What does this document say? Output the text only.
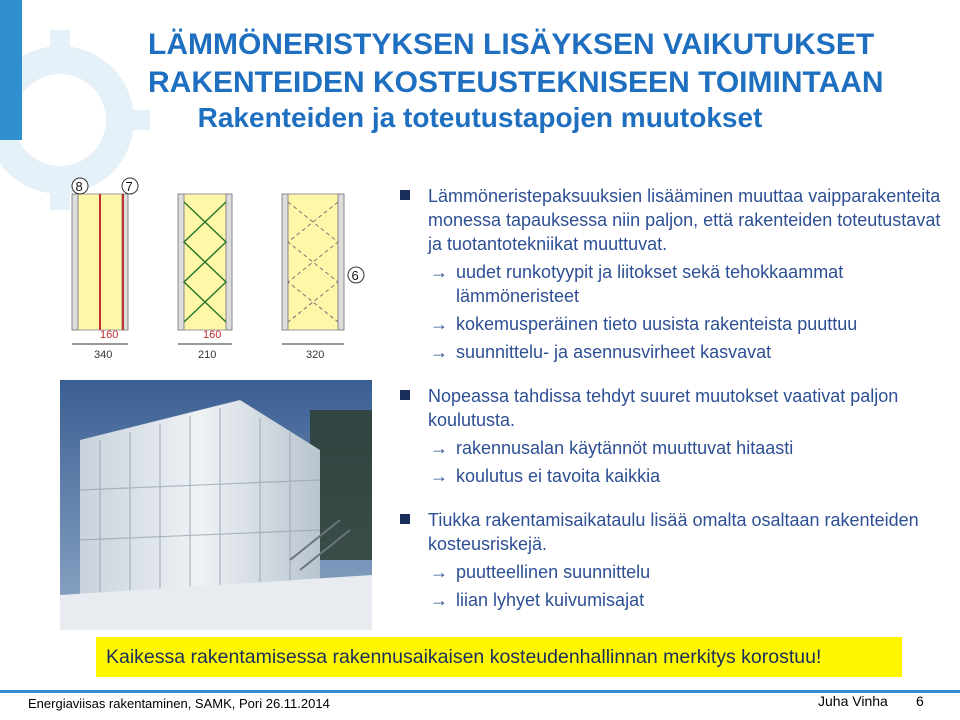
LÄMMÖNERISTYKSEN LISÄYKSEN VAIKUTUKSET
RAKENTEIDEN KOSTEUSTEKNISEEN TOIMINTAAN
Rakenteiden ja toteutustapojen muutokset
8	7
6
160	160
340	210	320
Lämmöneristepaksuuksien lisääminen muuttaa vaipparakenteita monessa tapauksessa niin paljon, että rakenteiden toteutustavat ja tuotantotekniikat muuttuvat.
→ uudet runkotyypit ja liitokset sekä tehokkaammat lämmöneristeet
→ kokemusperäinen tieto uusista rakenteista puuttuu
→ suunnittelu- ja asennusvirheet kasvavat
Nopeassa tahdissa tehdyt suuret muutokset vaativat paljon koulutusta.
→ rakennusalan käytännöt muuttuvat hitaasti
→ koulutus ei tavoita kaikkia
Tiukka rakentamisaikataulu lisää omalta osaltaan rakenteiden kosteusriskejä.
→ puutteellinen suunnittelu
→ liian lyhyet kuivumisajat
Kaikessa rakentamisessa rakennusaikaisen kosteudenhallinnan merkitys korostuu!
Energiaviisas rakentaminen, SAMK, Pori 26.11.2014	Juha Vinha 6
